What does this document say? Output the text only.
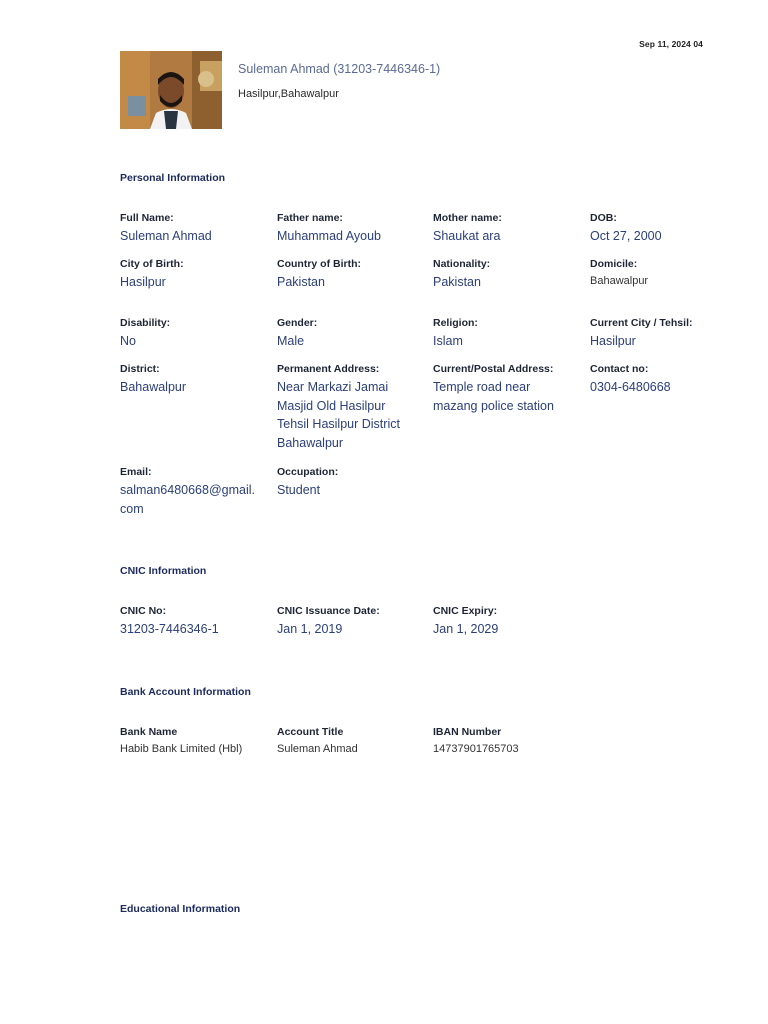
Sep 11, 2024 04
Suleman Ahmad (31203-7446346-1)
Hasilpur,Bahawalpur
Personal Information
Full Name:
Suleman Ahmad
Father name:
Muhammad Ayoub
Mother name:
Shaukat ara
DOB:
Oct 27, 2000
City of Birth:
Hasilpur
Country of Birth:
Pakistan
Nationality:
Pakistan
Domicile:
Bahawalpur
Disability:
No
Gender:
Male
Religion:
Islam
Current City / Tehsil:
Hasilpur
District:
Bahawalpur
Permanent Address:
Near Markazi Jamai Masjid Old Hasilpur Tehsil Hasilpur District Bahawalpur
Current/Postal Address:
Temple road near mazang police station
Contact no:
0304-6480668
Email:
salman6480668@gmail.com
Occupation:
Student
CNIC Information
CNIC No:
31203-7446346-1
CNIC Issuance Date:
Jan 1, 2019
CNIC Expiry:
Jan 1, 2029
Bank Account Information
Bank Name
Habib Bank Limited (Hbl)
Account Title
Suleman Ahmad
IBAN Number
14737901765703
Educational Information
